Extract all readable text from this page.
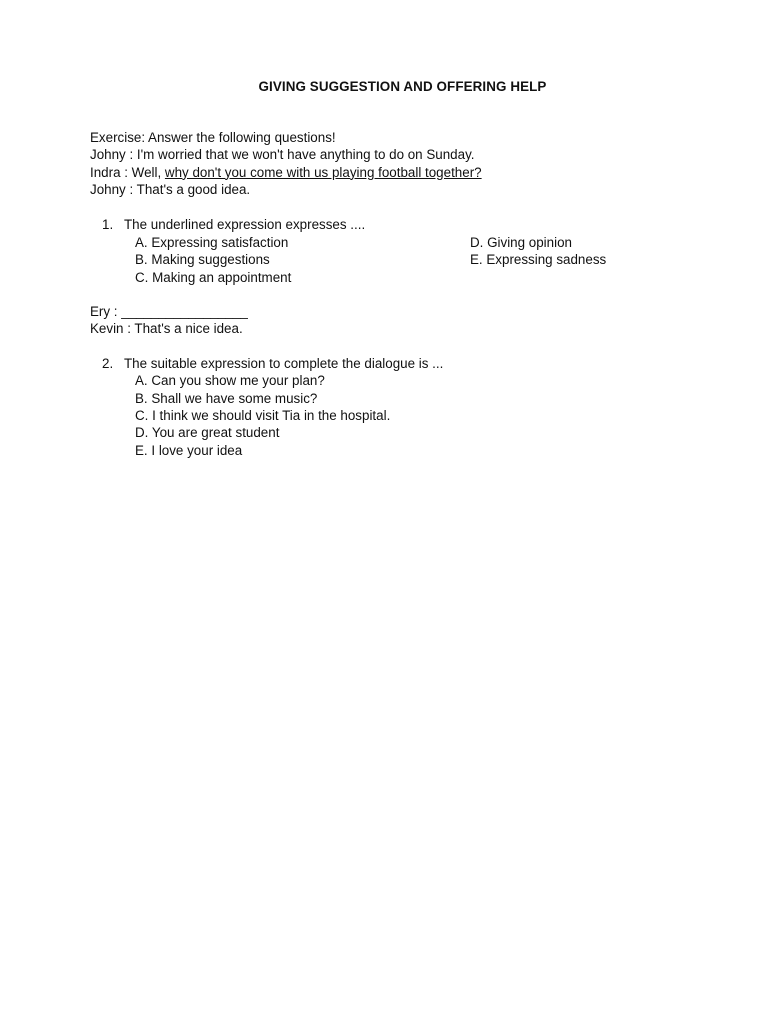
GIVING SUGGESTION AND OFFERING HELP
Exercise: Answer the following questions!
Johny : I'm worried that we won't have anything to do on Sunday.
Indra : Well, why don't you come with us playing football together?
Johny : That's a good idea.
1. The underlined expression expresses ....
A. Expressing satisfaction
B. Making suggestions
C. Making an appointment
D. Giving opinion
E. Expressing sadness
Ery : _________________
Kevin : That's a nice idea.
2. The suitable expression to complete the dialogue is ...
A. Can you show me your plan?
B. Shall we have some music?
C. I think we should visit Tia in the hospital.
D. You are great student
E. I love your idea
